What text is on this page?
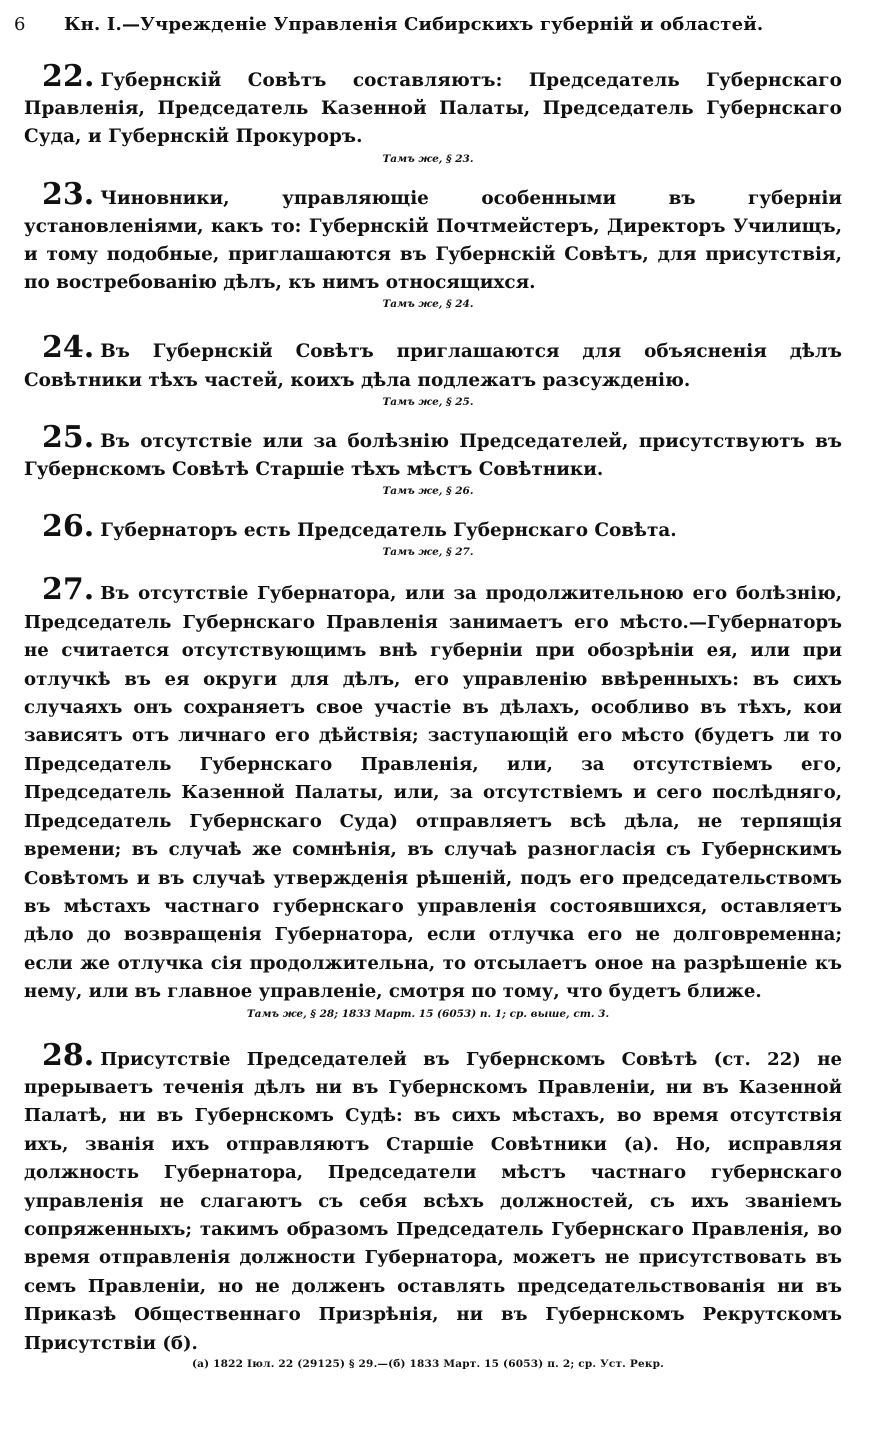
6	Кн. I.—Учрежденіе Управленія Сибирскихъ губерній и областей.
22. Губернскій Совѣтъ составляютъ: Председатель Губернскаго Правленія, Председатель Казенной Палаты, Председатель Губернскаго Суда, и Губернскій Прокуроръ.
Тамъ же, § 23.
23. Чиновники, управляющіе особенными въ губерніи установленіями, какъ то: Губернскій Почтмейстеръ, Директоръ Училищъ, и тому подобные, приглашаются въ Губернскій Совѣтъ, для присутствія, по востребованію дѣлъ, къ нимъ относящихся.
Тамъ же, § 24.
24. Въ Губернскій Совѣтъ приглашаются для объясненія дѣлъ Совѣтники тѣхъ частей, коихъ дѣла подлежатъ разсужденію.
Тамъ же, § 25.
25. Въ отсутствіе или за болѣзнію Председателей, присутствуютъ въ Губернскомъ Совѣтѣ Старшіе тѣхъ мѣстъ Совѣтники.
Тамъ же, § 26.
26. Губернаторъ есть Председатель Губернскаго Совѣта.
Тамъ же, § 27.
27. Въ отсутствіе Губернатора, или за продолжительною его болѣзнію, Председатель Губернскаго Правленія занимаетъ его мѣсто.—Губернаторъ не считается отсутствующимъ внѣ губерніи при обозрѣніи ея, или при отлучкѣ въ ея округи для дѣлъ, его управленію ввѣренныхъ: въ сихъ случаяхъ онъ сохраняетъ свое участіе въ дѣлахъ, особливо въ тѣхъ, кои зависятъ отъ личнаго его дѣйствія; заступающій его мѣсто (будетъ ли то Председатель Губернскаго Правленія, или, за отсутствіемъ его, Председатель Казенной Палаты, или, за отсутствіемъ и сего послѣдняго, Председатель Губернскаго Суда) отправляетъ всѣ дѣла, не терпящія времени; въ случаѣ же сомнѣнія, въ случаѣ разногласія съ Губернскимъ Совѣтомъ и въ случаѣ утвержденія рѣшеній, подъ его председательствомъ въ мѣстахъ частнаго губернскаго управленія состоявшихся, оставляетъ дѣло до возвращенія Губернатора, если отлучка его не долговременна; если же отлучка сія продолжительна, то отсылаетъ оное на разрѣшеніе къ нему, или въ главное управленіе, смотря по тому, что будетъ ближе.
Тамъ же, § 28; 1833 Март. 15 (6053) п. 1; ср. выше, ст. 3.
28. Присутствіе Председателей въ Губернскомъ Совѣтѣ (ст. 22) не прерываетъ теченія дѣлъ ни въ Губернскомъ Правленіи, ни въ Казенной Палатѣ, ни въ Губернскомъ Судѣ: въ сихъ мѣстахъ, во время отсутствія ихъ, званія ихъ отправляютъ Старшіе Совѣтники (а). Но, исправляя должность Губернатора, Председатели мѣстъ частнаго губернскаго управленія не слагаютъ съ себя всѣхъ должностей, съ ихъ званіемъ сопряженныхъ; такимъ образомъ Председатель Губернскаго Правленія, во время отправленія должности Губернатора, можетъ не присутствовать въ семъ Правленіи, но не долженъ оставлять председательствованія ни въ Приказѣ Общественнаго Призрѣнія, ни въ Губернскомъ Рекрутскомъ Присутствіи (б).
(а) 1822 Іюл. 22 (29125) § 29.—(б) 1833 Март. 15 (6053) п. 2; ср. Уст. Рекр.
